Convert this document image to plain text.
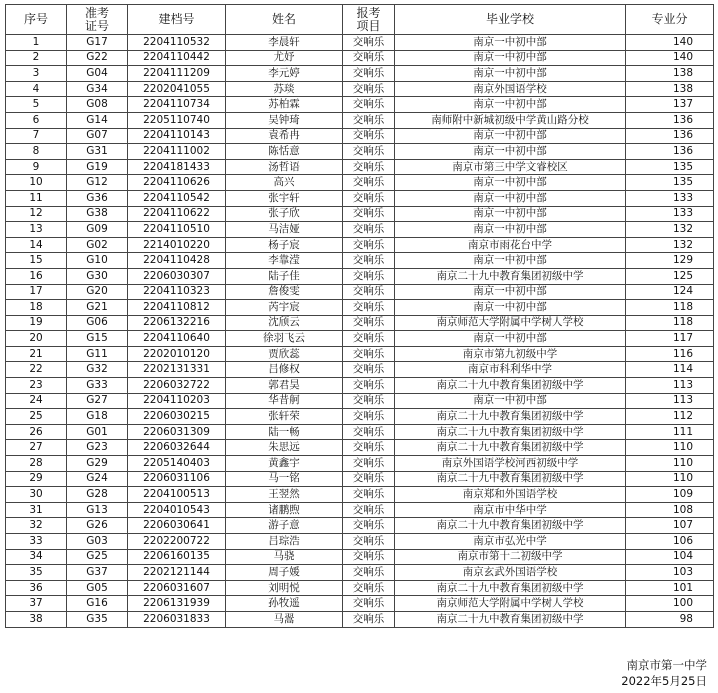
序号	准考证号	建档号	姓名	报考项目	毕业学校	专业分
1	G17	2204110532	李晨轩	交响乐	南京一中初中部	140
2	G22	2204110442	尤妤	交响乐	南京一中初中部	140
3	G04	2204111209	李元婷	交响乐	南京一中初中部	138
4	G34	2202041055	苏琰	交响乐	南京外国语学校	138
5	G08	2204110734	苏柏霖	交响乐	南京一中初中部	137
6	G14	2205110740	吴钟琦	交响乐	南师附中新城初级中学黄山路分校	136
7	G07	2204110143	袁希冉	交响乐	南京一中初中部	136
8	G31	2204111002	陈恬意	交响乐	南京一中初中部	136
9	G19	2204181433	汤哲语	交响乐	南京市第三中学文睿校区	135
10	G12	2204110626	高兴	交响乐	南京一中初中部	135
11	G36	2204110542	张宇轩	交响乐	南京一中初中部	133
12	G38	2204110622	张子欣	交响乐	南京一中初中部	133
13	G09	2204110510	马洁娅	交响乐	南京一中初中部	132
14	G02	2214010220	杨子宸	交响乐	南京市雨花台中学	132
15	G10	2204110428	李靠滢	交响乐	南京一中初中部	129
16	G30	2206030307	陆子佳	交响乐	南京二十九中教育集团初级中学	125
17	G20	2204110323	詹俊雯	交响乐	南京一中初中部	124
18	G21	2204110812	芮宇宸	交响乐	南京一中初中部	118
19	G06	2206132216	沈颀云	交响乐	南京师范大学附属中学树人学校	118
20	G15	2204110640	徐羽飞云	交响乐	南京一中初中部	117
21	G11	2202010120	贾欣蕊	交响乐	南京市第九初级中学	116
22	G32	2202131331	吕修权	交响乐	南京市科利华中学	114
23	G33	2206032722	郭君昊	交响乐	南京二十九中教育集团初级中学	113
24	G27	2204110203	华昔舸	交响乐	南京一中初中部	113
25	G18	2206030215	张轩荣	交响乐	南京二十九中教育集团初级中学	112
26	G01	2206031309	陆一畅	交响乐	南京二十九中教育集团初级中学	111
27	G23	2206032644	朱思远	交响乐	南京二十九中教育集团初级中学	110
28	G29	2205140403	黄鑫宇	交响乐	南京外国语学校河西初级中学	110
29	G24	2206031106	马一铭	交响乐	南京二十九中教育集团初级中学	110
30	G28	2204100513	王翌然	交响乐	南京郑和外国语学校	109
31	G13	2204010543	诸鹏煦	交响乐	南京市中华中学	108
32	G26	2206030641	游子意	交响乐	南京二十九中教育集团初级中学	107
33	G03	2202200722	吕琮浩	交响乐	南京市弘光中学	106
34	G25	2206160135	马骁	交响乐	南京市第十二初级中学	104
35	G37	2202121144	周子媛	交响乐	南京玄武外国语学校	103
36	G05	2206031607	刘明悦	交响乐	南京二十九中教育集团初级中学	101
37	G16	2206131939	孙牧遥	交响乐	南京师范大学附属中学树人学校	100
38	G35	2206031833	马翯	交响乐	南京二十九中教育集团初级中学	98
南京市第一中学
2022年5月25日
